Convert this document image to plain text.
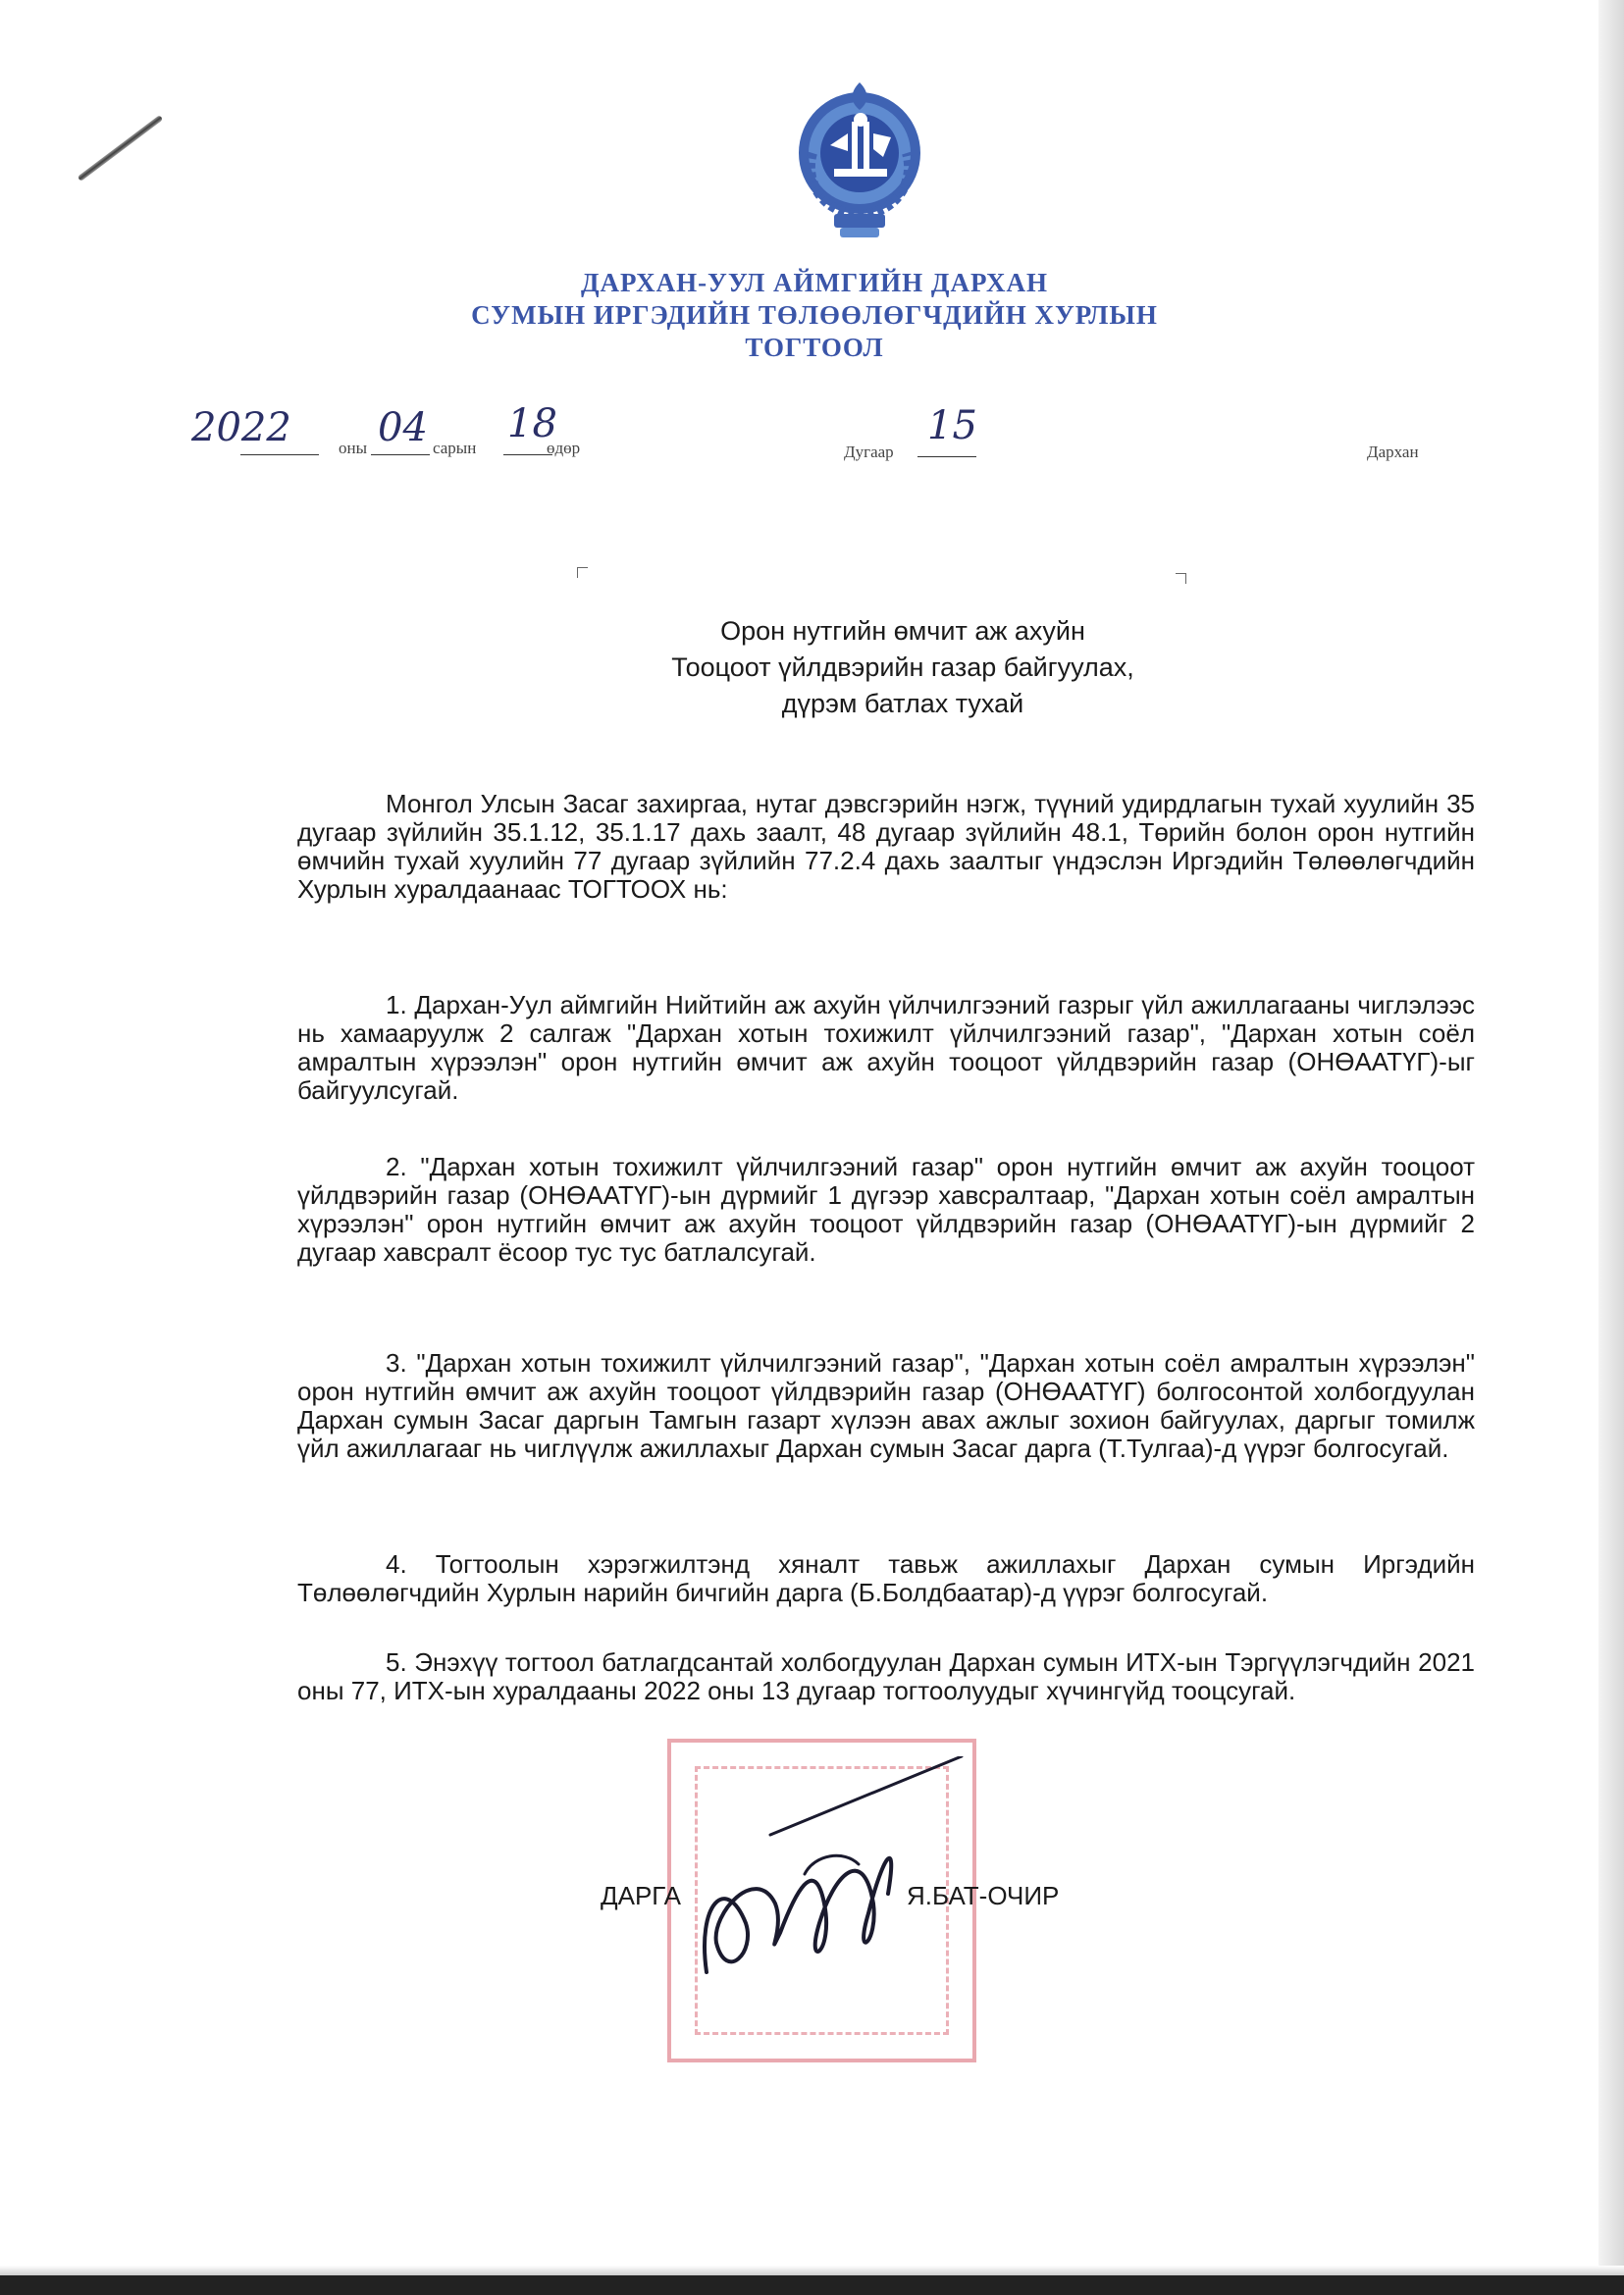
ДАРХАН-УУЛ АЙМГИЙН ДАРХАН
СУМЫН ИРГЭДИЙН ТӨЛӨӨЛӨГЧДИЙН ХУРЛЫН
ТОГТООЛ
2022	оны 04 сарын
18
өдөр	Дугаар
15
Дархан
Орон нутгийн өмчит аж ахуйн
Тооцоот үйлдвэрийн газар байгуулах,
дүрэм батлах тухай

Монгол Улсын Засаг захиргаа, нутаг дэвсгэрийн нэгж, түүний удирдлагын тухай хуулийн 35 дугаар зүйлийн 35.1.12, 35.1.17 дахь заалт, 48 дугаар зүйлийн 48.1, Төрийн болон орон нутгийн өмчийн тухай хуулийн 77 дугаар зүйлийн 77.2.4 дахь заалтыг үндэслэн Иргэдийн Төлөөлөгчдийн Хурлын хуралдаанаас ТОГТООХ нь:

1. Дархан-Уул аймгийн Нийтийн аж ахуйн үйлчилгээний газрыг үйл ажиллагааны чиглэлээс нь хамааруулж 2 салгаж "Дархан хотын тохижилт үйлчилгээний газар", "Дархан хотын соёл амралтын хүрээлэн" орон нутгийн өмчит аж ахуйн тооцоот үйлдвэрийн газар (ОНӨААТҮГ)-ыг байгуулсугай.

2. "Дархан хотын тохижилт үйлчилгээний газар" орон нутгийн өмчит аж ахуйн тооцоот үйлдвэрийн газар (ОНӨААТҮГ)-ын дүрмийг 1 дүгээр хавсралтаар, "Дархан хотын соёл амралтын хүрээлэн" орон нутгийн өмчит аж ахуйн тооцоот үйлдвэрийн газар (ОНӨААТҮГ)-ын дүрмийг 2 дугаар хавсралт ёсоор тус тус батлалсугай.

3. "Дархан хотын тохижилт үйлчилгээний газар", "Дархан хотын соёл амралтын хүрээлэн" орон нутгийн өмчит аж ахуйн тооцоот үйлдвэрийн газар (ОНӨААТҮГ) болгосонтой холбогдуулан Дархан сумын Засаг даргын Тамгын газарт хүлээн авах ажлыг зохион байгуулах, даргыг томилж үйл ажиллагааг нь чиглүүлж ажиллахыг Дархан сумын Засаг дарга (Т.Тулгаа)-д үүрэг болгосугай.

4. Тогтоолын хэрэгжилтэнд хяналт тавьж ажиллахыг Дархан сумын Иргэдийн Төлөөлөгчдийн Хурлын нарийн бичгийн дарга (Б.Болдбаатар)-д үүрэг болгосугай.

5. Энэхүү тогтоол батлагдсантай холбогдуулан Дархан сумын ИТХ-ын Тэргүүлэгчдийн 2021 оны 77, ИТХ-ын хуралдааны 2022 оны 13 дугаар тогтоолуудыг хүчингүйд тооцсугай.

ДАРГА	Я.БАТ-ОЧИР
